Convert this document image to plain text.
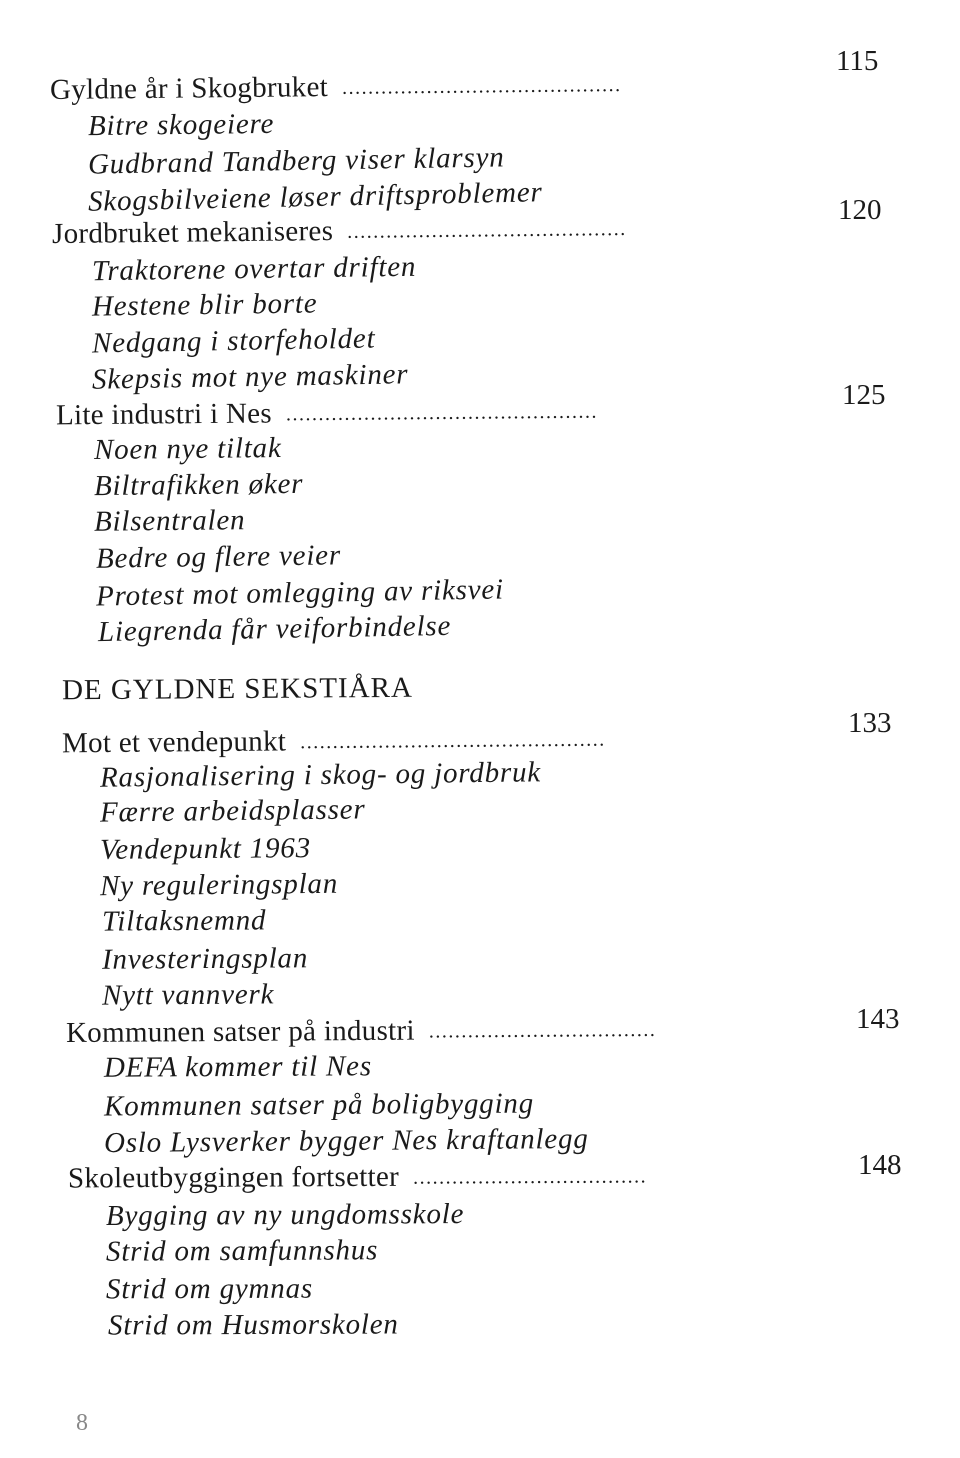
Gyldne år i Skogbruket ...........................................
115
Bitre skogeiere
Gudbrand Tandberg viser klarsyn
Skogsbilveiene løser driftsproblemer
Jordbruket mekaniseres ...........................................
120
Traktorene overtar driften
Hestene blir borte
Nedgang i storfeholdet
Skepsis mot nye maskiner
Lite industri i Nes ................................................
125
Noen nye tiltak
Biltrafikken øker
Bilsentralen
Bedre og flere veier
Protest mot omlegging av riksvei
Liegrenda får veiforbindelse
DE GYLDNE SEKSTIÅRA
Mot et vendepunkt ...............................................
133
Rasjonalisering i skog- og jordbruk
Færre arbeidsplasser
Vendepunkt 1963
Ny reguleringsplan
Tiltaksnemnd
Investeringsplan
Nytt vannverk
Kommunen satser på industri ...................................	143
DEFA kommer til Nes
Kommunen satser på boligbygging
Oslo Lysverker bygger Nes kraftanlegg
Skoleutbyggingen fortsetter ....................................	148
Bygging av ny ungdomsskole
Strid om samfunnshus
Strid om gymnas
Strid om Husmorskolen
8
